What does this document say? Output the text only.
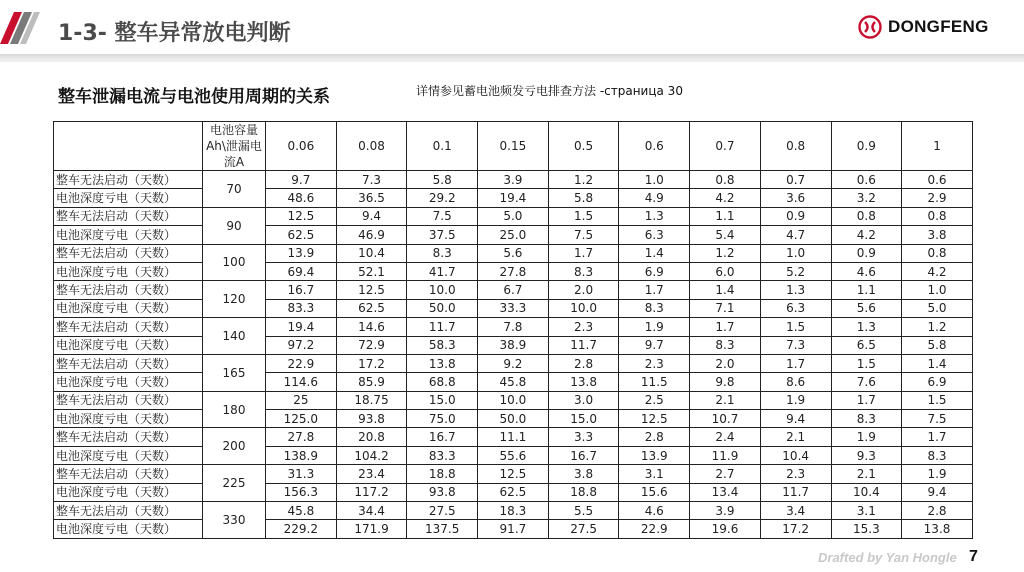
1-3- 整车异常放电判断	DONGFENG
整车泄漏电流与电池使用周期的关系	详情参见蓄电池频发亏电排查方法 -страница 30
	电池容量Ah\泄漏电流A	0.06	0.08	0.1	0.15	0.5	0.6	0.7	0.8	0.9	1
整车无法启动（天数）	70	9.7	7.3	5.8	3.9	1.2	1.0	0.8	0.7	0.6	0.6
电池深度亏电（天数）		48.6	36.5	29.2	19.4	5.8	4.9	4.2	3.6	3.2	2.9
整车无法启动（天数）	90	12.5	9.4	7.5	5.0	1.5	1.3	1.1	0.9	0.8	0.8
电池深度亏电（天数）		62.5	46.9	37.5	25.0	7.5	6.3	5.4	4.7	4.2	3.8
整车无法启动（天数）	100	13.9	10.4	8.3	5.6	1.7	1.4	1.2	1.0	0.9	0.8
电池深度亏电（天数）		69.4	52.1	41.7	27.8	8.3	6.9	6.0	5.2	4.6	4.2
整车无法启动（天数）	120	16.7	12.5	10.0	6.7	2.0	1.7	1.4	1.3	1.1	1.0
电池深度亏电（天数）		83.3	62.5	50.0	33.3	10.0	8.3	7.1	6.3	5.6	5.0
整车无法启动（天数）	140	19.4	14.6	11.7	7.8	2.3	1.9	1.7	1.5	1.3	1.2
电池深度亏电（天数）		97.2	72.9	58.3	38.9	11.7	9.7	8.3	7.3	6.5	5.8
整车无法启动（天数）	165	22.9	17.2	13.8	9.2	2.8	2.3	2.0	1.7	1.5	1.4
电池深度亏电（天数）		114.6	85.9	68.8	45.8	13.8	11.5	9.8	8.6	7.6	6.9
整车无法启动（天数）	180	25	18.75	15.0	10.0	3.0	2.5	2.1	1.9	1.7	1.5
电池深度亏电（天数）		125.0	93.8	75.0	50.0	15.0	12.5	10.7	9.4	8.3	7.5
整车无法启动（天数）	200	27.8	20.8	16.7	11.1	3.3	2.8	2.4	2.1	1.9	1.7
电池深度亏电（天数）		138.9	104.2	83.3	55.6	16.7	13.9	11.9	10.4	9.3	8.3
整车无法启动（天数）	225	31.3	23.4	18.8	12.5	3.8	3.1	2.7	2.3	2.1	1.9
电池深度亏电（天数）		156.3	117.2	93.8	62.5	18.8	15.6	13.4	11.7	10.4	9.4
整车无法启动（天数）	330	45.8	34.4	27.5	18.3	5.5	4.6	3.9	3.4	3.1	2.8
电池深度亏电（天数）		229.2	171.9	137.5	91.7	27.5	22.9	19.6	17.2	15.3	13.8
Drafted by Yan Hongle 7
